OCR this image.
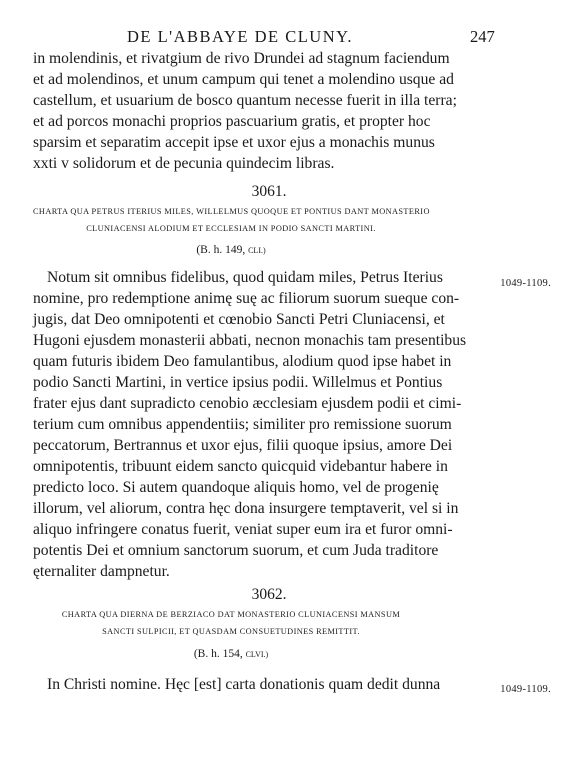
DE L'ABBAYE DE CLUNY.	247
in molendinis, et rivatgium de rivo Drundei ad stagnum faciendum
et ad molendinos, et unum campum qui tenet a molendino usque ad
castellum, et usuarium de bosco quantum necesse fuerit in illa terra;
et ad porcos monachi proprios pascuarium gratis, et propter hoc
sparsim et separatim accepit ipse et uxor ejus a monachis munus
xxti v solidorum et de pecunia quindecim libras.
3061.
CHARTA QUA PETRUS ITERIUS MILES, WILLELMUS QUOQUE ET PONTIUS DANT MONASTERIO
CLUNIACENSI ALODIUM ET ECCLESIAM IN PODIO SANCTI MARTINI.
(B. h. 149, CLI.)
1049-1109.
Notum sit omnibus fidelibus, quod quidam miles, Petrus Iterius
nomine, pro redemptione animę suę ac filiorum suorum sueque con-
jugis, dat Deo omnipotenti et cœnobio Sancti Petri Cluniacensi, et
Hugoni ejusdem monasterii abbati, necnon monachis tam presentibus
quam futuris ibidem Deo famulantibus, alodium quod ipse habet in
podio Sancti Martini, in vertice ipsius podii. Willelmus et Pontius
frater ejus dant supradicto cenobio æcclesiam ejusdem podii et cimi-
terium cum omnibus appendentiis; similiter pro remissione suorum
peccatorum, Bertrannus et uxor ejus, filii quoque ipsius, amore Dei
omnipotentis, tribuunt eidem sancto quicquid videbantur habere in
predicto loco. Si autem quandoque aliquis homo, vel de progenię
illorum, vel aliorum, contra hęc dona insurgere temptaverit, vel si in
aliquo infringere conatus fuerit, veniat super eum ira et furor omni-
potentis Dei et omnium sanctorum suorum, et cum Juda traditore
ęternaliter dampnetur.
3062.
CHARTA QUA DIERNA DE BERZIACO DAT MONASTERIO CLUNIACENSI MANSUM
SANCTI SULPICII, ET QUASDAM CONSUETUDINES REMITTIT.
(B. h. 154, CLVI.)
1049-1109.
In Christi nomine. Hęc [est] carta donationis quam dedit dunna
